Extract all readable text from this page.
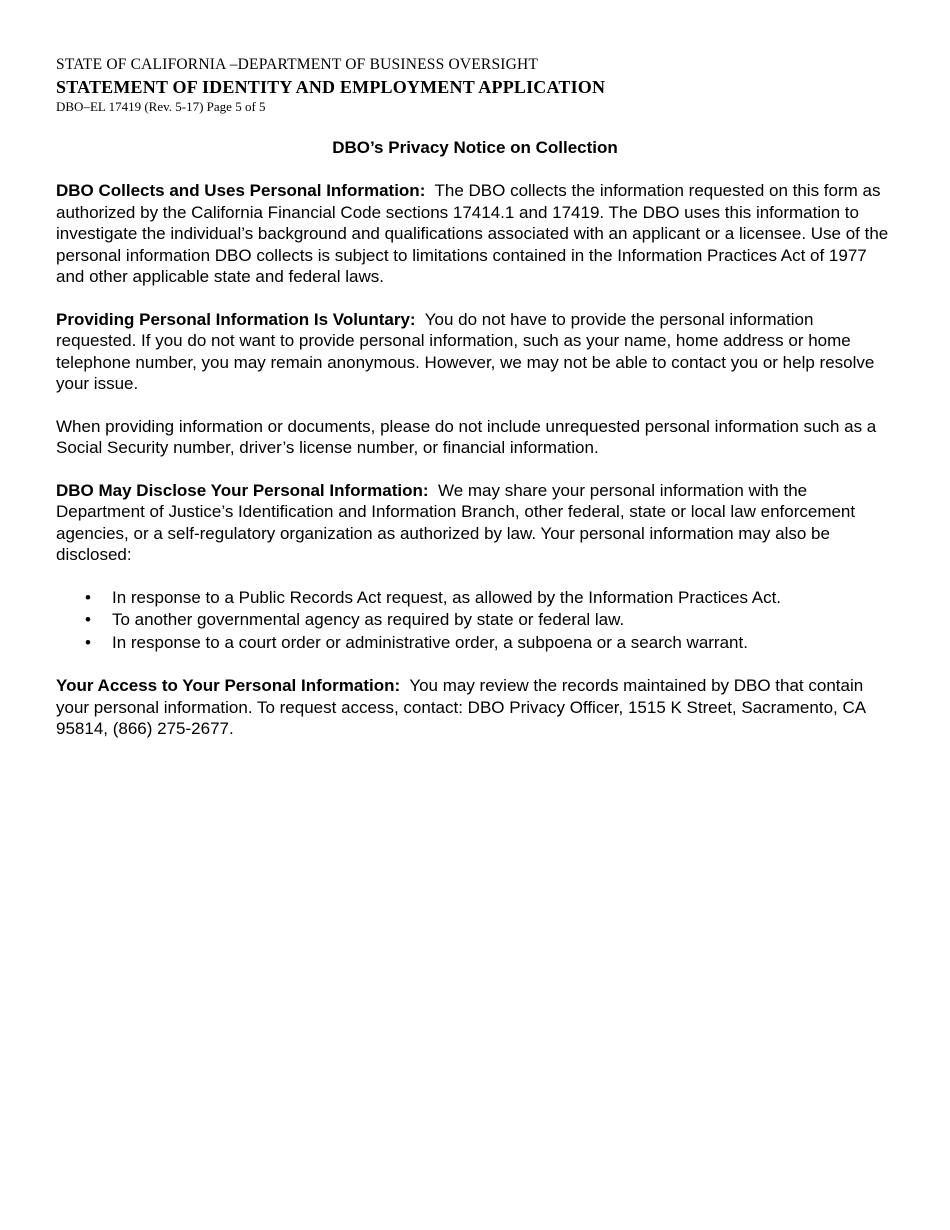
STATE OF CALIFORNIA –DEPARTMENT OF BUSINESS OVERSIGHT
STATEMENT OF IDENTITY AND EMPLOYMENT APPLICATION
DBO–EL 17419 (Rev. 5-17) Page 5 of 5
DBO’s Privacy Notice on Collection

DBO Collects and Uses Personal Information: The DBO collects the information requested on this form as authorized by the California Financial Code sections 17414.1 and 17419. The DBO uses this information to investigate the individual’s background and qualifications associated with an applicant or a licensee. Use of the personal information DBO collects is subject to limitations contained in the Information Practices Act of 1977 and other applicable state and federal laws.

Providing Personal Information Is Voluntary: You do not have to provide the personal information requested. If you do not want to provide personal information, such as your name, home address or home telephone number, you may remain anonymous. However, we may not be able to contact you or help resolve your issue.

When providing information or documents, please do not include unrequested personal information such as a Social Security number, driver’s license number, or financial information.

DBO May Disclose Your Personal Information: We may share your personal information with the Department of Justice’s Identification and Information Branch, other federal, state or local law enforcement agencies, or a self-regulatory organization as authorized by law. Your personal information may also be disclosed:

• In response to a Public Records Act request, as allowed by the Information Practices Act.
• To another governmental agency as required by state or federal law.
• In response to a court order or administrative order, a subpoena or a search warrant.

Your Access to Your Personal Information: You may review the records maintained by DBO that contain your personal information. To request access, contact: DBO Privacy Officer, 1515 K Street, Sacramento, CA 95814, (866) 275-2677.
